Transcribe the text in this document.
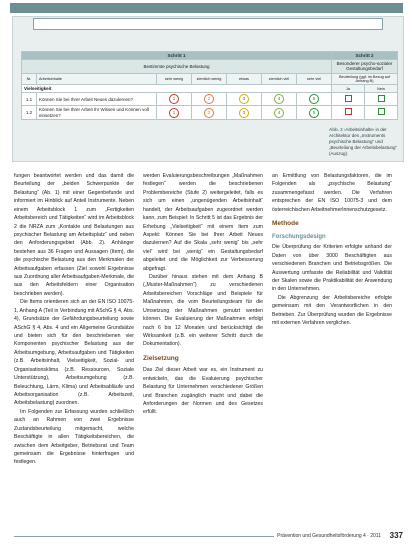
Schritt 1							Schritt 2	
Bestimmte psychische Belastung							Besonderer psycho-sozialer Gestaltungsbedarf	
Nr.	Arbeitsinhalte	sehr wenig	ziemlich wenig	etwas	ziemlich viel	sehr viel	Beurteilung (ggf. im Bezug auf Anhang B)	
Vielseitigkeit							Ja	Nein
1.1	Können Sie bei Ihrer Arbeit Neues dazulernen?	1	2	3	4	5		
1.2	Können Sie bei Ihrer Arbeit Ihr Wissen und Können voll einsetzen?	1	2	3	4	5		
Abb. 2 ›Arbeitsinhalte‹ in der Architektur des „Instruments psychische Belastung“ und „Beurteilung der Arbeitsbelastung“ (Auszug).

fungen beantwortet werden und das damit die Beurteilung der „beiden Schwerpunkte der Belastung“ (Ab. 1) mit einer Gegenbefunde und informiert im Hinblick auf Anteil Instrumente. Neben einem Arbeitsblock 1 zum „Fertigkeiten Arbeitsbereich und Tätigkeiten“ wird im Arbeitsblock 2 die NRZA zum „Kontakte und Belastungen aus psychischer Belastung am Arbeitsplatz“ und neben den Anforderungsgebiet (Abb. 2). Anhänger bestehen aus 36 Fragen und Aussagen (Item), die die psychische Belastung aus den Merkmalen der Arbeitsaufgaben erfassen (Ziel sowohl Ergebnisse aus Zuordnung aller Arbeitsaufgaben-Merkmale, die aus den Arbeitsfeldern einer Organisation beschrieben werden).

Die Items orientieren sich an der EN ISO 10075-1, Anhang A (Teil in Verbindung mit ASchG § 4, Abs. 4), Grundsätze der Gefährdungsbeurteilung sowie ASchG § 4, Abs. 4 und ein Allgemeine Grundsätze und bieten sich für den beschriebenen vier Komponenten psychischer Belastung aus der Arbeitsumgebung, Arbeitsaufgaben und Tätigkeiten (z.B. Arbeitsinhalt, Vielseitigkeit, Sozial- und Organisationsklima (z.B. Ressourcen, Soziale Unterstützung), Arbeitsumgebung (z.B. Beleuchtung, Lärm, Klima) und Arbeitsabläufe und Arbeitsorganisation (z.B. Arbeitszeit, Arbeitsbelastung) zuordnen.

Im Folgenden zur Erfassung wurden schließlich auch an Rahmen von zwei Ergebnisse Zustandsbeurteilung mitgemacht, welche Beschäftigte in allen Tätigkeitsbereichen, die zwischen dem Arbeitgeber, Betriebsrat und Team gemeinsam die Ergebnisse hinterfragen und festlegen.

werden Evaluierungsbeschreibungen „Maßnahmen festlegen“ werden die beschriebenen Problembereiche (Stufe 2) weitergeleitet, falls es sich um einen „ungenügenden Arbeitsinhalt“ handelt, der Arbeitsaufgaben zugeordnet werden kann, zum Beispiel: In Schritt 5 ist das Ergebnis der Erhebung „Vielseitigkeit“ mit einem Item zum Aspekt: Können Sie bei Ihrer Arbeit Neues dazulernen? Auf die Skala „sehr wenig“ bis „sehr viel“ wird bei „wenig“ ein Gestaltungsbedarf abgeleitet und die Möglichkeit zur Verbesserung abgefragt.

Darüber hinaus stehen mit dem Anhang B („Muster-Maßnahmen“) zu verschiedenen Arbeitsbereichen Vorschläge und Beispiele für Maßnahmen, die vom Beurteilungsteam für die Umsetzung der Maßnahmen genutzt werden können. Die Evaluierung der Maßnahmen erfolgt nach 6 bis 12 Monaten und berücksichtigt die Wirksamkeit (z.B. ein weiterer Schritt durch die Dokumentation).

Zielsetzung

Das Ziel dieser Arbeit war es, ein Instrument zu entwickeln, das die Evaluierung psychischer Belastung für Unternehmen verschiedener Größen und Branchen zugänglich macht und dabei die Anforderungen der Normen und des Gesetzes erfüllt.

an Ermittlung von Belastungsfaktoren, die im Folgenden als „psychische Belastung“ zusammengefasst werden. Die Verfahren entsprechen der EN ISO 10075-3 und dem österreichischen ArbeitnehmerInnenschutzgesetz.

Methode
Forschungsdesign

Die Überprüfung der Kriterien erfolgte anhand der Daten von über 3000 Beschäftigten aus verschiedenen Branchen und Betriebsgrößen. Die Auswertung umfasste die Reliabilität und Validität der Skalen sowie die Praktikabilität der Anwendung in den Unternehmen.

Die Abgrenzung der Arbeitsbereiche erfolgte gemeinsam mit den Verantwortlichen in den Betrieben. Zur Überprüfung wurden die Ergebnisse mit externen Verfahren verglichen.

Prävention und Gesundheitsförderung 4 · 2011 337
